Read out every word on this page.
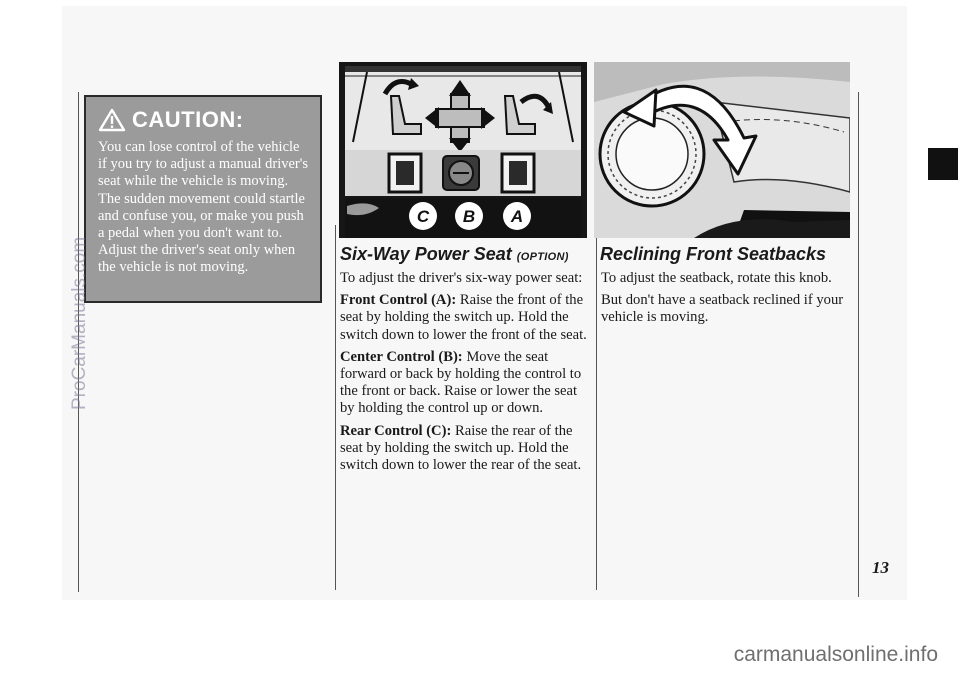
CAUTION:

You can lose control of the vehicle if you try to adjust a manual driver's seat while the vehicle is moving. The sudden movement could startle and confuse you, or make you push a pedal when you don't want to. Adjust the driver's seat only when the vehicle is not moving.

C B A
Six-Way Power Seat (OPTION)

To adjust the driver's six-way power seat:

Front Control (A): Raise the front of the seat by holding the switch up. Hold the switch down to lower the front of the seat.

Center Control (B): Move the seat forward or back by holding the control to the front or back. Raise or lower the seat by holding the control up or down.

Rear Control (C): Raise the rear of the seat by holding the switch up. Hold the switch down to lower the rear of the seat.

Reclining Front Seatbacks

To adjust the seatback, rotate this knob.

But don't have a seatback reclined if your vehicle is moving.

13
ProCarManuals.com
carmanualsonline.info
